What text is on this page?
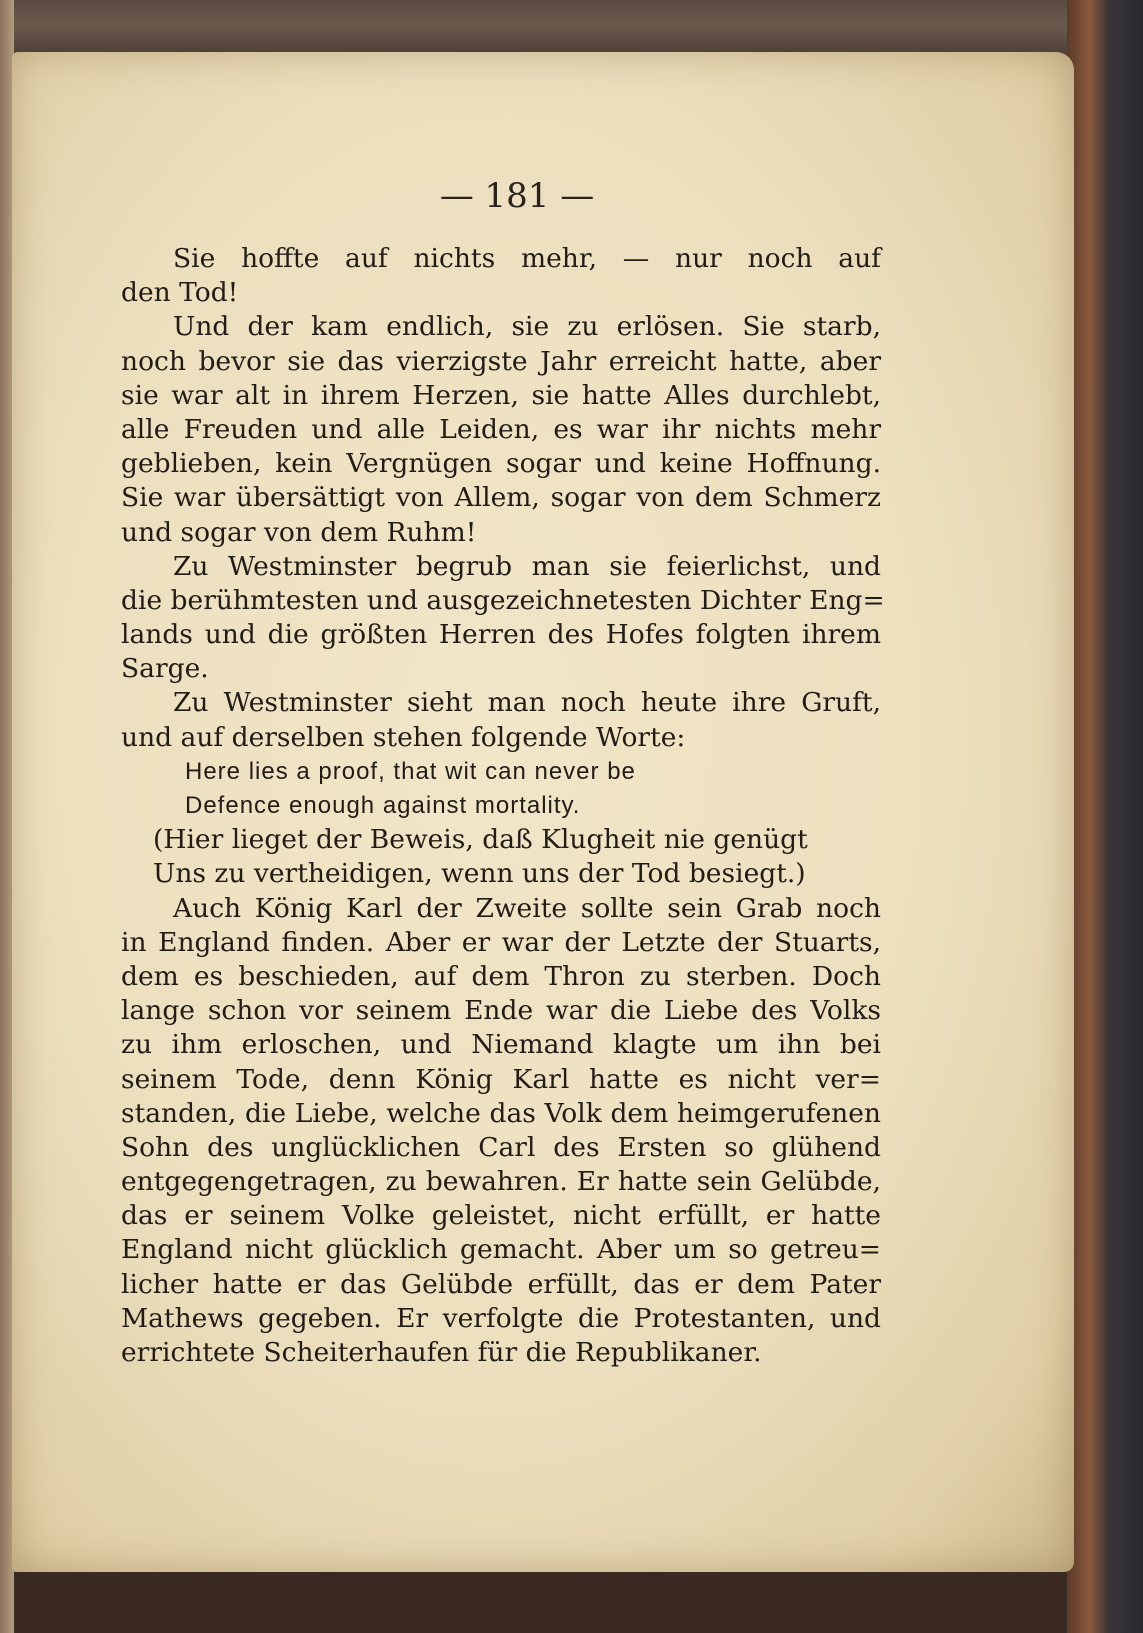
— 181 —
Sie hoffte auf nichts mehr, — nur noch auf
den Tod!
Und der kam endlich, sie zu erlösen. Sie starb,
noch bevor sie das vierzigste Jahr erreicht hatte, aber
sie war alt in ihrem Herzen, sie hatte Alles durchlebt,
alle Freuden und alle Leiden, es war ihr nichts mehr
geblieben, kein Vergnügen sogar und keine Hoffnung.
Sie war übersättigt von Allem, sogar von dem Schmerz
und sogar von dem Ruhm!
Zu Westminster begrub man sie feierlichst, und
die berühmtesten und ausgezeichnetesten Dichter Eng=
lands und die größten Herren des Hofes folgten ihrem
Sarge.
Zu Westminster sieht man noch heute ihre Gruft,
und auf derselben stehen folgende Worte:
Here lies a proof, that wit can never be
Defence enough against mortality.
(Hier lieget der Beweis, daß Klugheit nie genügt
Uns zu vertheidigen, wenn uns der Tod besiegt.)
Auch König Karl der Zweite sollte sein Grab noch
in England finden. Aber er war der Letzte der Stuarts,
dem es beschieden, auf dem Thron zu sterben. Doch
lange schon vor seinem Ende war die Liebe des Volks
zu ihm erloschen, und Niemand klagte um ihn bei
seinem Tode, denn König Karl hatte es nicht ver=
standen, die Liebe, welche das Volk dem heimgerufenen
Sohn des unglücklichen Carl des Ersten so glühend
entgegengetragen, zu bewahren. Er hatte sein Gelübde,
das er seinem Volke geleistet, nicht erfüllt, er hatte
England nicht glücklich gemacht. Aber um so getreu=
licher hatte er das Gelübde erfüllt, das er dem Pater
Mathews gegeben. Er verfolgte die Protestanten, und
errichtete Scheiterhaufen für die Republikaner.
